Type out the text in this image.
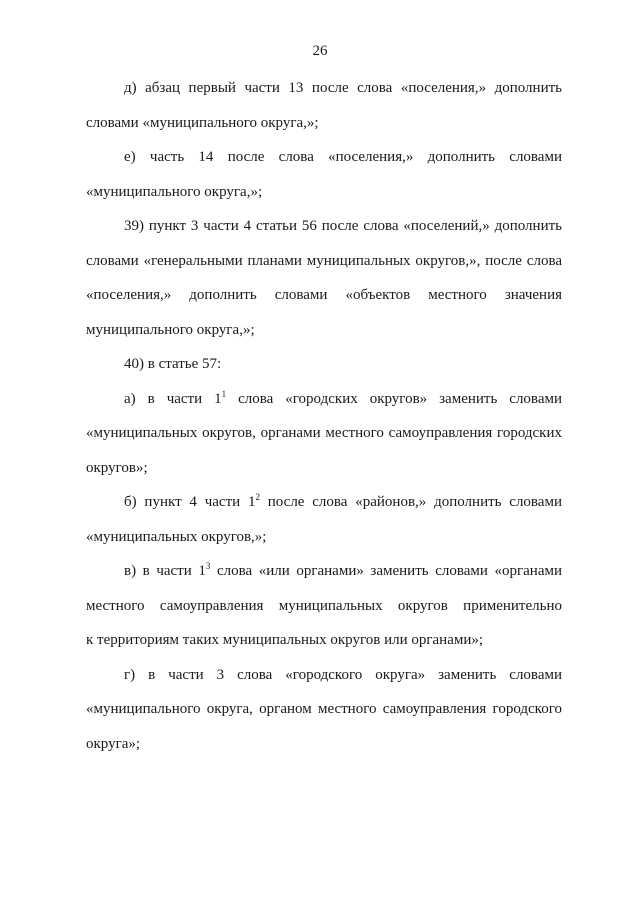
26

д) абзац первый части 13 после слова «поселения,» дополнить

словами «муниципального округа,»;

е) часть 14 после слова «поселения,» дополнить словами

«муниципального округа,»;

39) пункт 3 части 4 статьи 56 после слова «поселений,» дополнить

словами «генеральными планами муниципальных округов,», после слова

«поселения,» дополнить словами «объектов местного значения

муниципального округа,»;

40) в статье 57:

а) в части $1^1$ слова «городских округов» заменить словами

«муниципальных округов, органами местного самоуправления городских

округов»;

б) пункт 4 части $1^2$ после слова «районов,» дополнить словами

«муниципальных округов,»;

в) в части $1^3$ слова «или органами» заменить словами «органами

местного самоуправления муниципальных округов применительно

к территориям таких муниципальных округов или органами»;

г) в части 3 слова «городского округа» заменить словами

«муниципального округа, органом местного самоуправления городского

округа»;
